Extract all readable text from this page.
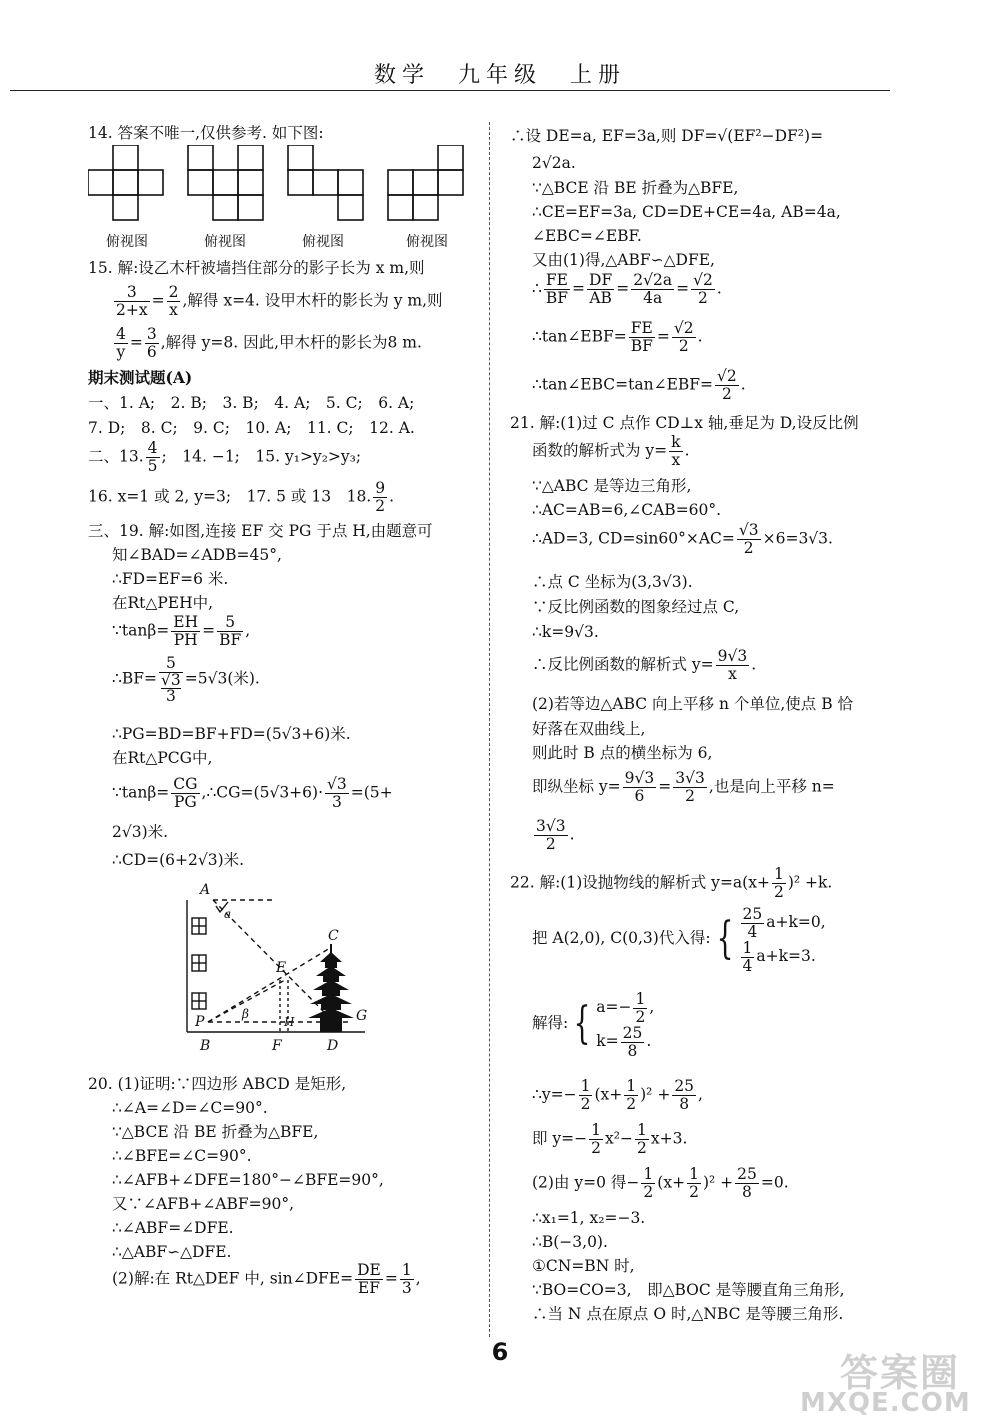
数学　九年级　上册
14. 答案不唯一,仅供参考. 如下图:
俯视图	俯视图	俯视图	俯视图
15. 解:设乙木杆被墙挡住部分的影子长为 x m,则
$\frac{3}{2+x} = \frac{2}{x}$ ,解得 x=4. 设甲木杆的影长为 y m,则
$\frac{4}{y} = \frac{3}{6}$ ,解得 y=8. 因此,甲木杆的影长为8 m.
期末测试题(A)
一、1. A;　2. B;　3. B;　4. A;　5. C;　6. A;
7. D;　8. C;　9. C;　10. A;　11. C;　12. A.
二、13. $\frac{4}{5}$ ;　14. −1;　15. y₁>y₂>y₃;
16. x=1 或 2, y=3;　17. 5 或 13　18. $\frac{9}{2}$ .
三、19. 解:如图,连接 EF 交 PG 于点 H,由题意可
知∠BAD=∠ADB=45°,
∴FD=EF=6 米.
在Rt△PEH中,
∵tanβ= $\frac{EH}{PH} = \frac{5}{BF}$ ,
∴BF= 5
√3
3 =5√3(米).
∴PG=BD=BF+FD=(5√3+6)米.
在Rt△PCG中,
∵tanβ= $\frac{CG}{PG}$ ,∴CG=(5√3+6)· $\frac{√3}{3} =(5+$
2√3)米.
∴CD=(6+2√3)米.
A
a
C
E
β
P	H	G
B	F	D
20. (1)证明:∵四边形 ABCD 是矩形,
∴∠A=∠D=∠C=90°.
∵△BCE 沿 BE 折叠为△BFE,
∴∠BFE=∠C=90°.
∴∠AFB+∠DFE=180°−∠BFE=90°,
又∵∠AFB+∠ABF=90°,
∴∠ABF=∠DFE.
∴△ABF∽△DFE.
(2)解:在 Rt△DEF 中, sin∠DFE= $\frac{DE}{EF} = \frac{1}{3}$ ,
∴设 DE=a, EF=3a,则 DF=√(EF²−DF²)=
2√2a.
∵△BCE 沿 BE 折叠为△BFE,
∴CE=EF=3a, CD=DE+CE=4a, AB=4a,
∠EBC=∠EBF.
又由(1)得,△ABF∽△DFE,
∴ $\frac{FE}{BF} = \frac{DF}{AB} = \frac{2√2a}{4a} = \frac{√2}{2}$ .
∴tan∠EBF= $\frac{FE}{BF} = \frac{√2}{2}$ .
∴tan∠EBC=tan∠EBF= $\frac{√2}{2}$ .
21. 解:(1)过 C 点作 CD⊥x 轴,垂足为 D,设反比例
函数的解析式为 $y= \frac{k}{x}$ .
∵△ABC 是等边三角形,
∴AC=AB=6,∠CAB=60°.
∴AD=3, $CD=\sin 60^\circ\times AC= \frac{√3}{2} \times 6=3√3$.
∴点 C 坐标为(3,3√3).
∵反比例函数的图象经过点 C,
∴k=9√3.
∴反比例函数的解析式 $y= \frac{9√3}{x}$ .
(2)若等边△ABC 向上平移 n 个单位,使点 B 恰
好落在双曲线上,
则此时 B 点的横坐标为 6,
即纵坐标 $y= \frac{9√3}{6} = \frac{3√3}{2}$ ,也是向上平移 n=
$\frac{3√3}{2}$ .
22. 解:(1)设抛物线的解析式 $y=a(x+ \frac{1}{2} )^2 +k$.
把 A(2,0), C(0,3)代入得: { $\frac{25}{4} a+k=0$,
$\frac{1}{4} a+k=3$.
解得: { $a=- \frac{1}{2}$ ,
$k= \frac{25}{8}$ .
∴y=− $\frac{1}{2} (x+ \frac{1}{2} )^2 + \frac{25}{8}$ ,
即 $y=- \frac{1}{2} x^2- \frac{1}{2} x+3$.
(2)由 y=0 得− $\frac{1}{2} (x+ \frac{1}{2} )^2 + \frac{25}{8} =0$.
∴x₁=1, x₂=−3.
∴B(−3,0).
①CN=BN 时,
∵BO=CO=3,　即△BOC 是等腰直角三角形,
∴当 N 点在原点 O 时,△NBC 是等腰三角形.
6	答案圈
MXQE.COM
